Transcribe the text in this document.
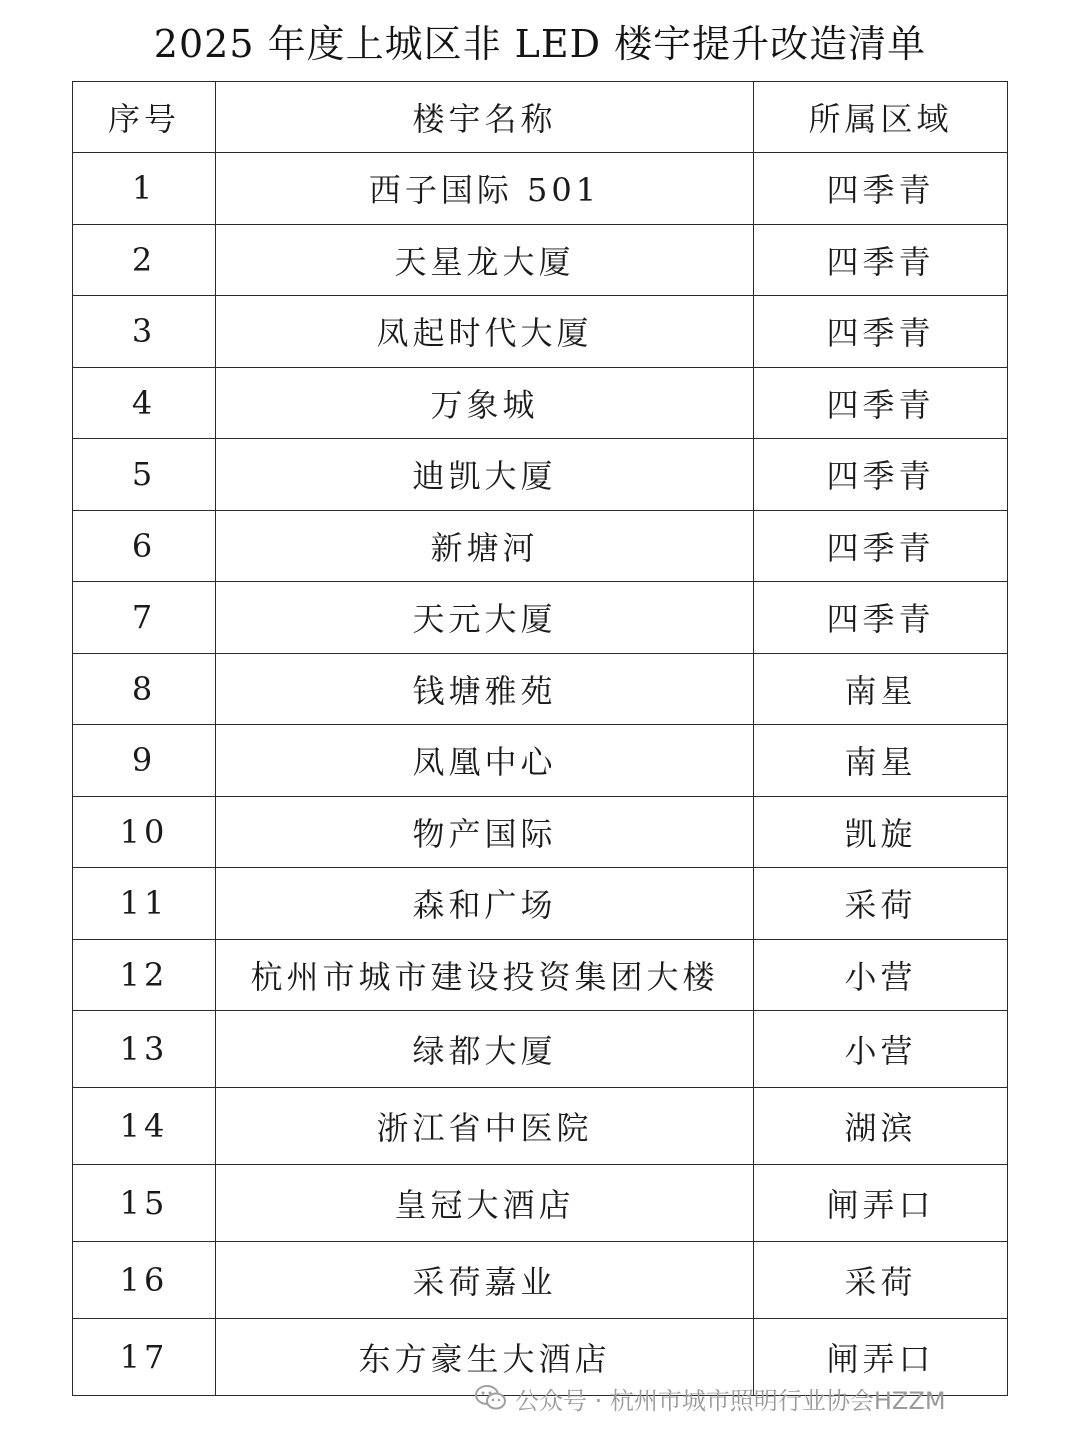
2025 年度上城区非 LED 楼宇提升改造清单
序号	楼宇名称	所属区域
1	西子国际 501	四季青
2	天星龙大厦	四季青
3	凤起时代大厦	四季青
4	万象城	四季青
5	迪凯大厦	四季青
6	新塘河	四季青
7	天元大厦	四季青
8	钱塘雅苑	南星
9	凤凰中心	南星
10	物产国际	凯旋
11	森和广场	采荷
12	杭州市城市建设投资集团大楼	小营
13	绿都大厦	小营
14	浙江省中医院	湖滨
15	皇冠大酒店	闸弄口
16	采荷嘉业	采荷
17	东方豪生大酒店	闸弄口
公众号 · 杭州市城市照明行业协会HZZM
